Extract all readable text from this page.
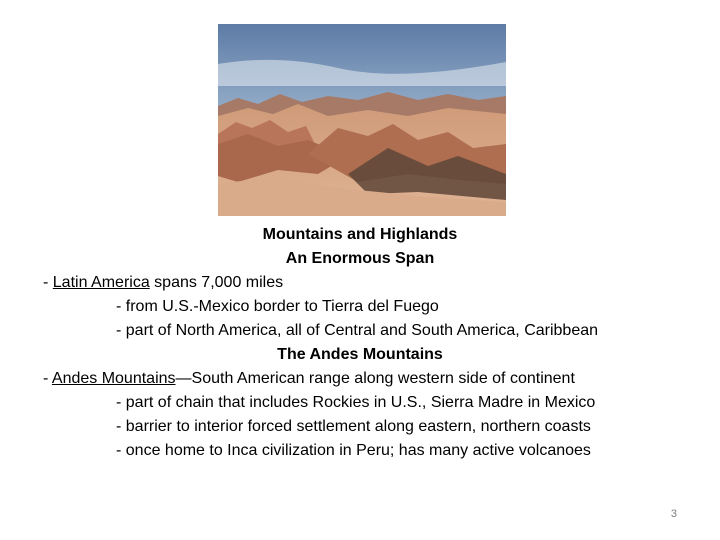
Mountains and Highlands
An Enormous Span
- Latin America spans 7,000 miles
- from U.S.-Mexico border to Tierra del Fuego
- part of North America, all of Central and South America, Caribbean
The Andes Mountains
- Andes Mountains—South American range along western side of continent
- part of chain that includes Rockies in U.S., Sierra Madre in Mexico
- barrier to interior forced settlement along eastern, northern coasts
- once home to Inca civilization in Peru; has many active volcanoes
3
